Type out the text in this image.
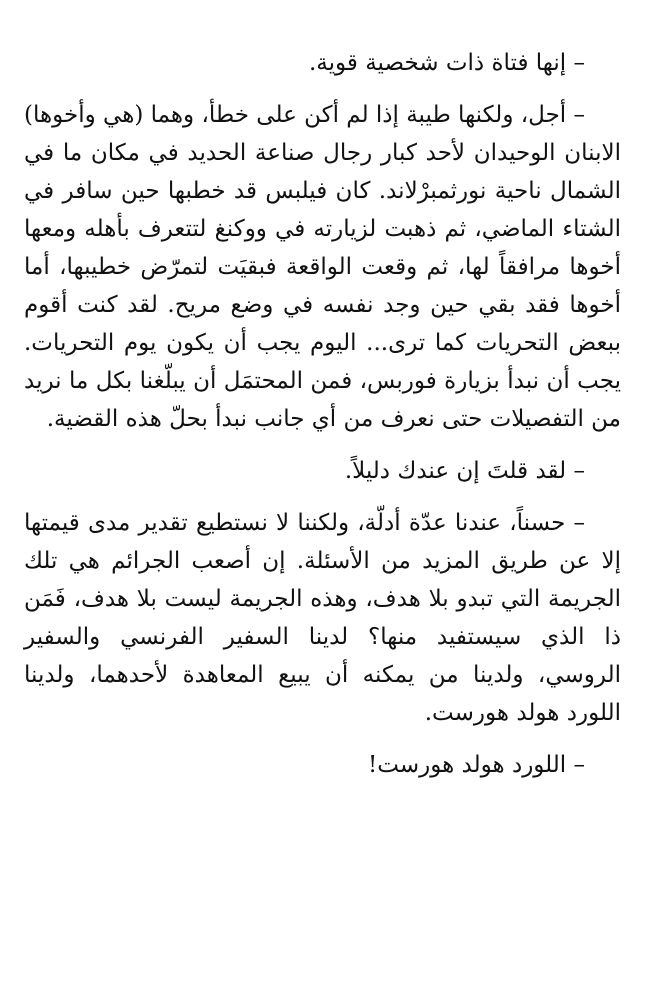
– إنها فتاة ذات شخصية قوية.

– أجل، ولكنها طيبة إذا لم أكن على خطأ، وهما (هي وأخوها) الابنان الوحيدان لأحد كبار رجال صناعة الحديد في مكان ما في الشمال ناحية نورثمبرْلاند. كان فيلبس قد خطبها حين سافر في الشتاء الماضي، ثم ذهبت لزيارته في ووكنغ لتتعرف بأهله ومعها أخوها مرافقاً لها، ثم وقعت الواقعة فبقيَت لتمرّض خطيبها، أما أخوها فقد بقي حين وجد نفسه في وضع مريح. لقد كنت أقوم ببعض التحريات كما ترى... اليوم يجب أن يكون يوم التحريات. يجب أن نبدأ بزيارة فوربس، فمن المحتمَل أن يبلّغنا بكل ما نريد من التفصيلات حتى نعرف من أي جانب نبدأ بحلّ هذه القضية.

– لقد قلتَ إن عندك دليلاً.

– حسناً، عندنا عدّة أدلّة، ولكننا لا نستطيع تقدير مدى قيمتها إلا عن طريق المزيد من الأسئلة. إن أصعب الجرائم هي تلك الجريمة التي تبدو بلا هدف، وهذه الجريمة ليست بلا هدف، فَمَن ذا الذي سيستفيد منها؟ لدينا السفير الفرنسي والسفير الروسي، ولدينا من يمكنه أن يبيع المعاهدة لأحدهما، ولدينا اللورد هولد هورست.

– اللورد هولد هورست!
